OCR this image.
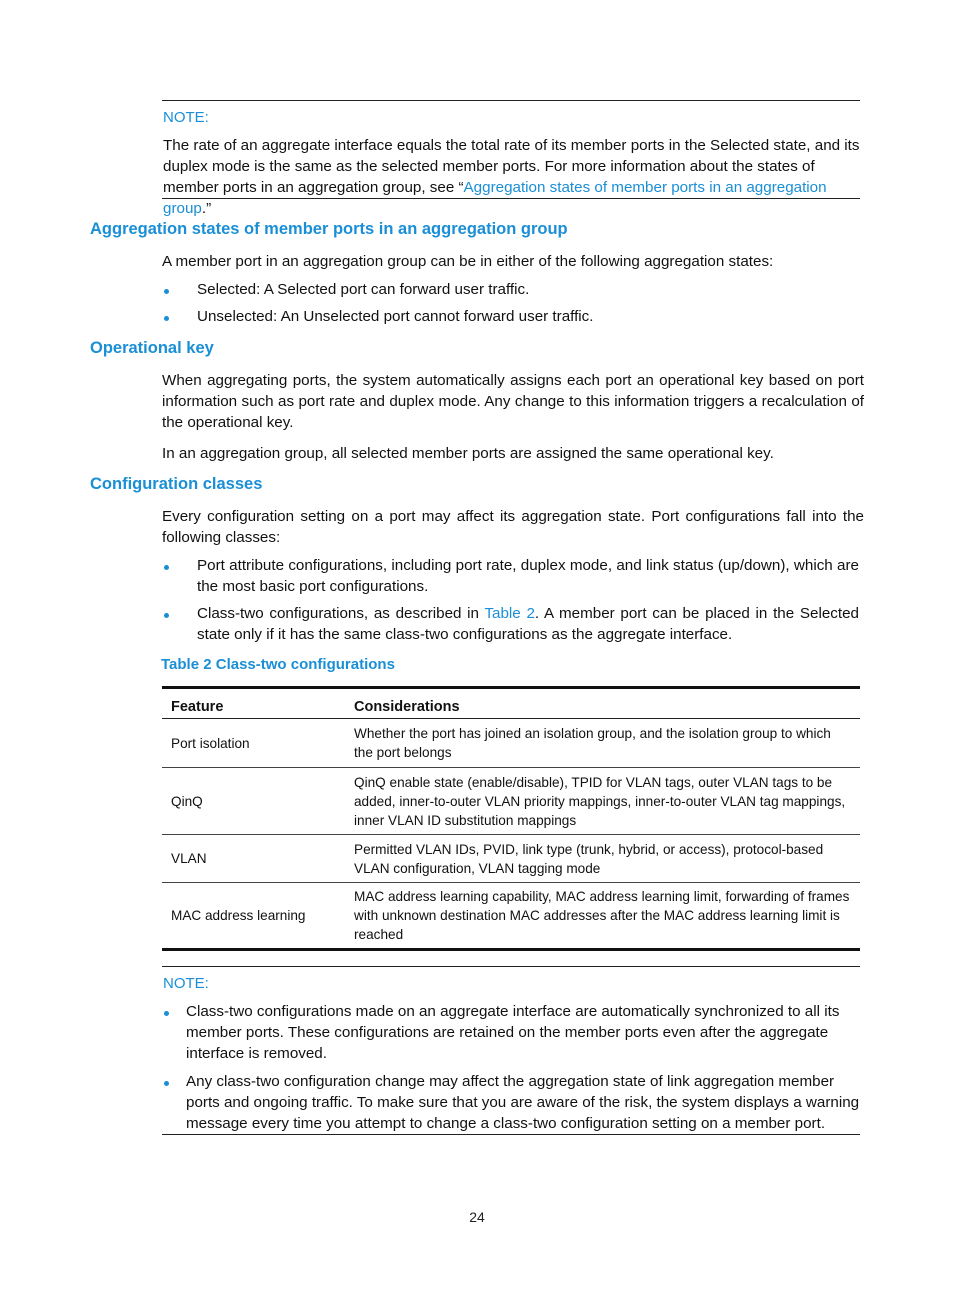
NOTE:
The rate of an aggregate interface equals the total rate of its member ports in the Selected state, and its duplex mode is the same as the selected member ports. For more information about the states of member ports in an aggregation group, see “Aggregation states of member ports in an aggregation group.”
Aggregation states of member ports in an aggregation group
A member port in an aggregation group can be in either of the following aggregation states:
Selected: A Selected port can forward user traffic.
Unselected: An Unselected port cannot forward user traffic.
Operational key
When aggregating ports, the system automatically assigns each port an operational key based on port information such as port rate and duplex mode. Any change to this information triggers a recalculation of the operational key.
In an aggregation group, all selected member ports are assigned the same operational key.
Configuration classes
Every configuration setting on a port may affect its aggregation state. Port configurations fall into the following classes:
Port attribute configurations, including port rate, duplex mode, and link status (up/down), which are the most basic port configurations.
Class-two configurations, as described in Table 2. A member port can be placed in the Selected state only if it has the same class-two configurations as the aggregate interface.
Table 2 Class-two configurations
Feature	Considerations
Port isolation	Whether the port has joined an isolation group, and the isolation group to which the port belongs
QinQ	QinQ enable state (enable/disable), TPID for VLAN tags, outer VLAN tags to be added, inner-to-outer VLAN priority mappings, inner-to-outer VLAN tag mappings, inner VLAN ID substitution mappings
VLAN	Permitted VLAN IDs, PVID, link type (trunk, hybrid, or access), protocol-based VLAN configuration, VLAN tagging mode
MAC address learning	MAC address learning capability, MAC address learning limit, forwarding of frames with unknown destination MAC addresses after the MAC address learning limit is reached
NOTE:
Class-two configurations made on an aggregate interface are automatically synchronized to all its member ports. These configurations are retained on the member ports even after the aggregate interface is removed.
Any class-two configuration change may affect the aggregation state of link aggregation member ports and ongoing traffic. To make sure that you are aware of the risk, the system displays a warning message every time you attempt to change a class-two configuration setting on a member port.
24
